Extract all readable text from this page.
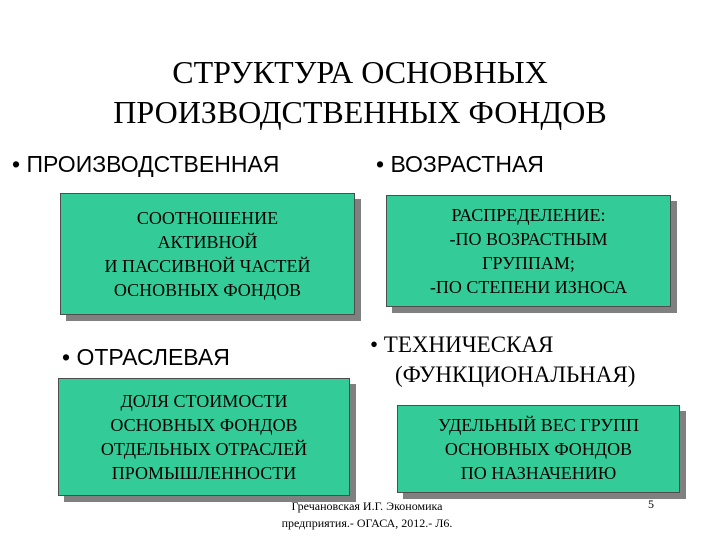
СТРУКТУРА ОСНОВНЫХ
ПРОИЗВОДСТВЕННЫХ ФОНДОВ
• ПРОИЗВОДСТВЕННАЯ	• ВОЗРАСТНАЯ
СООТНОШЕНИЕ
АКТИВНОЙ
И ПАССИВНОЙ ЧАСТЕЙ
ОСНОВНЫХ ФОНДОВ
РАСПРЕДЕЛЕНИЕ:
-ПО ВОЗРАСТНЫМ
ГРУППАМ;
-ПО СТЕПЕНИ ИЗНОСА
• ОТРАСЛЕВАЯ	• ТЕХНИЧЕСКАЯ
(ФУНКЦИОНАЛЬНАЯ)
ДОЛЯ СТОИМОСТИ
ОСНОВНЫХ ФОНДОВ
ОТДЕЛЬНЫХ ОТРАСЛЕЙ
ПРОМЫШЛЕННОСТИ
УДЕЛЬНЫЙ ВЕС ГРУПП
ОСНОВНЫХ ФОНДОВ
ПО НАЗНАЧЕНИЮ
Гречановская И.Г. Экономика
предприятия.- ОГАСА, 2012.- Л6.
5
